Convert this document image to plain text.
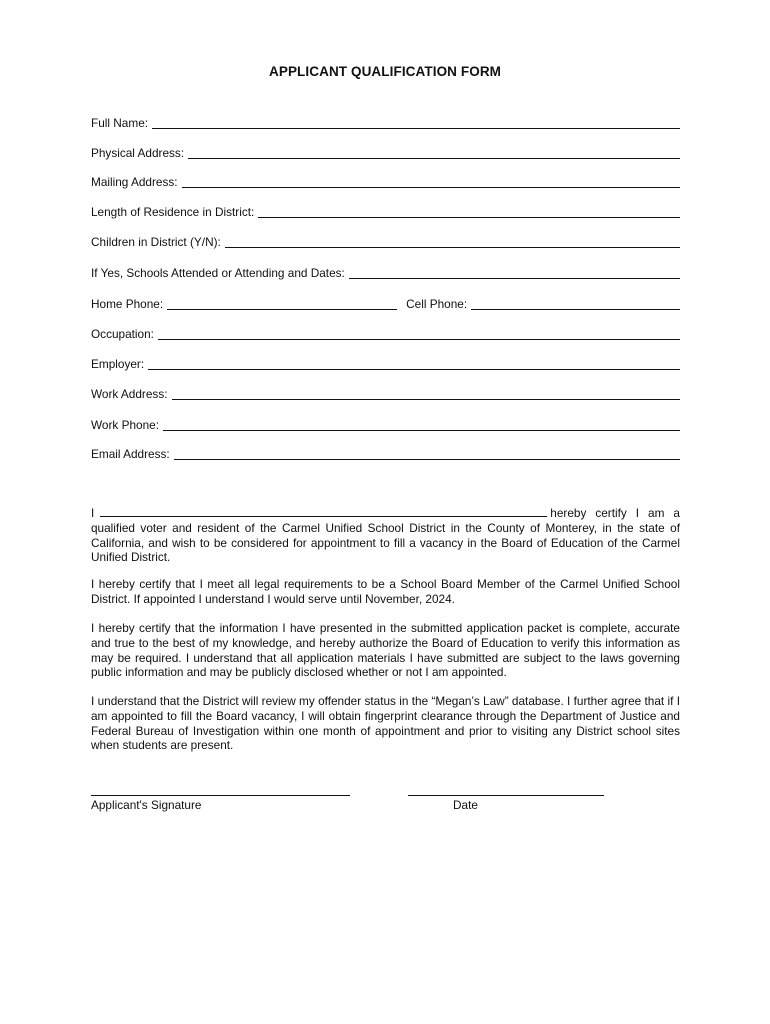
APPLICANT QUALIFICATION FORM
Full Name:
Physical Address:
Mailing Address:
Length of Residence in District:
Children in District (Y/N):
If Yes, Schools Attended or Attending and Dates:
Home Phone:	Cell Phone:
Occupation:
Employer:
Work Address:
Work Phone:
Email Address:

I	hereby certify I am a qualified voter and resident of the Carmel Unified School District in the County of Monterey, in the state of California, and wish to be considered for appointment to fill a vacancy in the Board of Education of the Carmel Unified District.

I hereby certify that I meet all legal requirements to be a School Board Member of the Carmel Unified School District. If appointed I understand I would serve until November, 2024.

I hereby certify that the information I have presented in the submitted application packet is complete, accurate and true to the best of my knowledge, and hereby authorize the Board of Education to verify this information as may be required. I understand that all application materials I have submitted are subject to the laws governing public information and may be publicly disclosed whether or not I am appointed.

I understand that the District will review my offender status in the “Megan’s Law” database. I further agree that if I am appointed to fill the Board vacancy, I will obtain fingerprint clearance through the Department of Justice and Federal Bureau of Investigation within one month of appointment and prior to visiting any District school sites when students are present.

Applicant's Signature	Date
